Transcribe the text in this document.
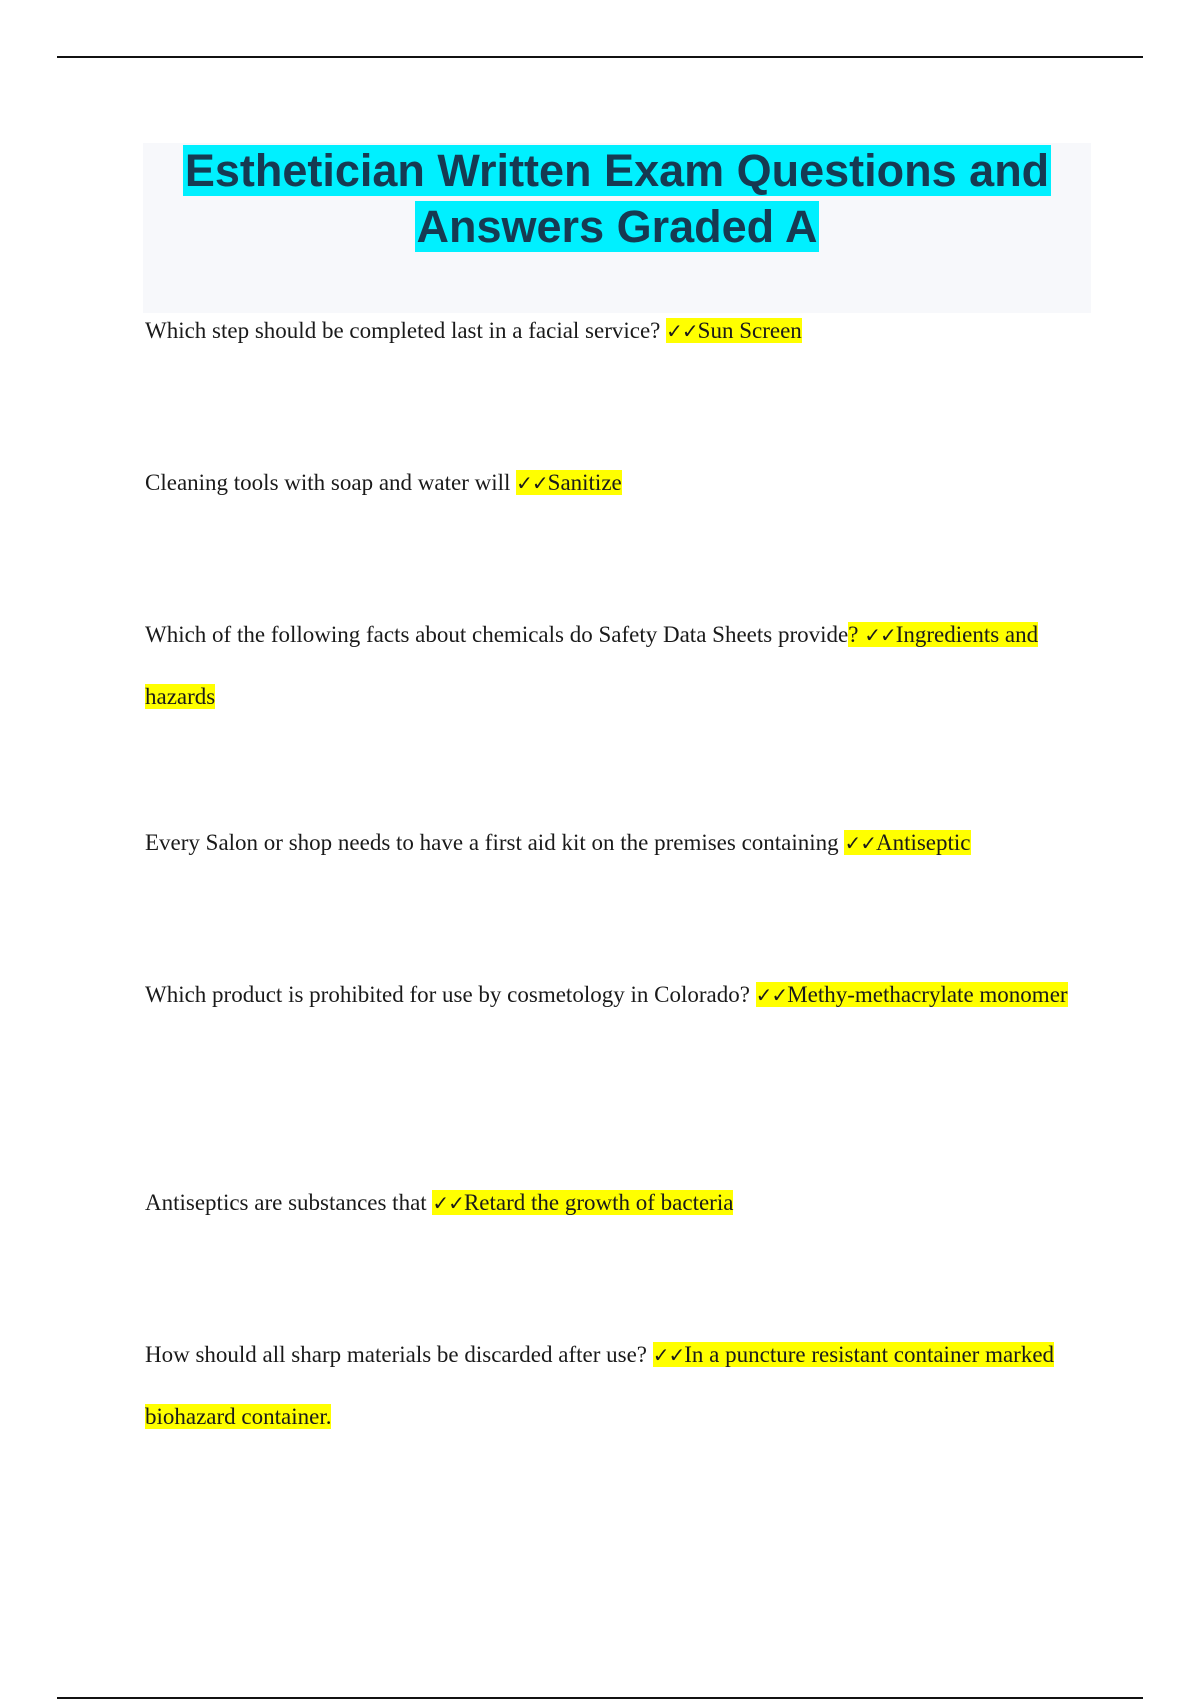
Esthetician Written Exam Questions and Answers Graded A

Which step should be completed last in a facial service? ✓✓Sun Screen

Cleaning tools with soap and water will ✓✓Sanitize

Which of the following facts about chemicals do Safety Data Sheets provide? ✓✓Ingredients and hazards

Every Salon or shop needs to have a first aid kit on the premises containing ✓✓Antiseptic

Which product is prohibited for use by cosmetology in Colorado? ✓✓Methy-methacrylate monomer

Antiseptics are substances that ✓✓Retard the growth of bacteria

How should all sharp materials be discarded after use? ✓✓In a puncture resistant container marked biohazard container.
